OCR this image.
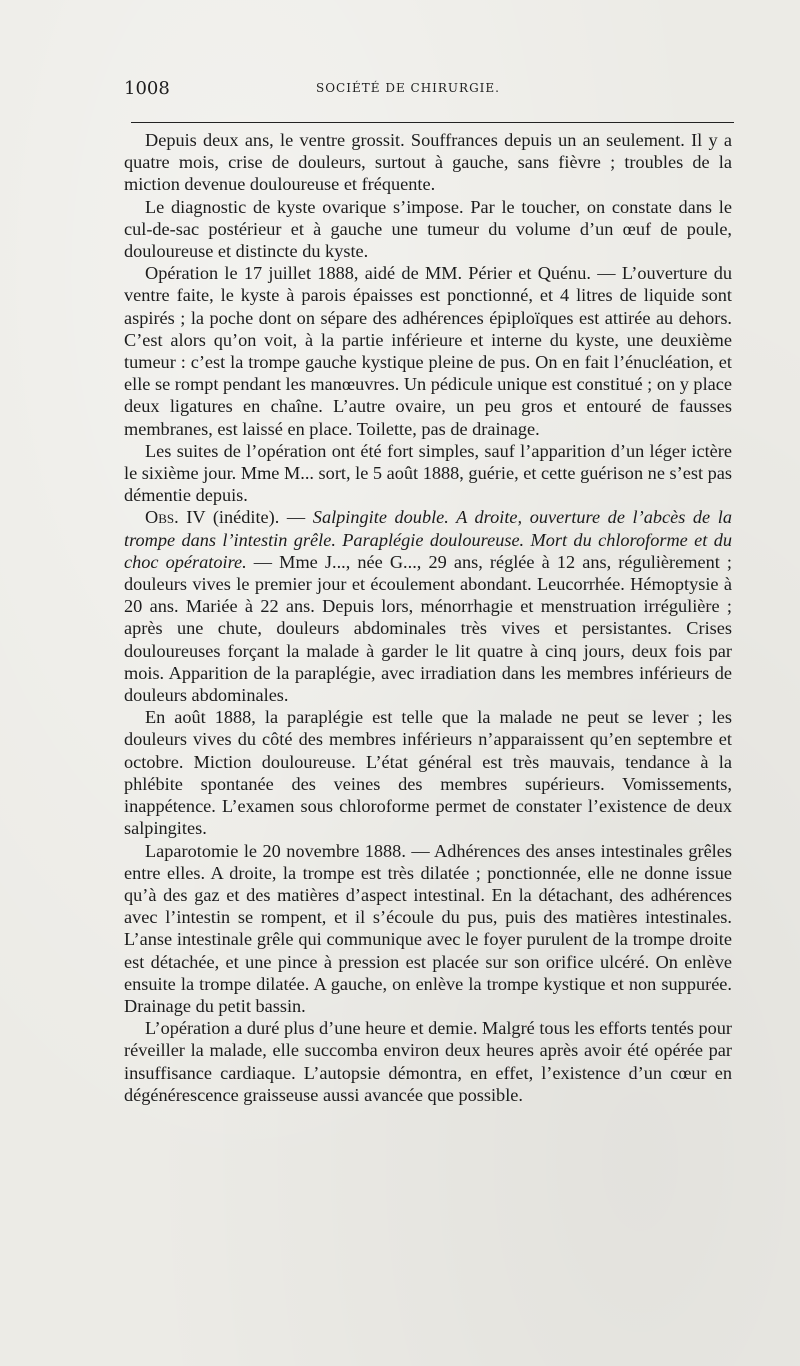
1008	SOCIÉTÉ DE CHIRURGIE.

Depuis deux ans, le ventre grossit. Souffrances depuis un an seulement. Il y a quatre mois, crise de douleurs, surtout à gauche, sans fièvre ; troubles de la miction devenue douloureuse et fréquente.

Le diagnostic de kyste ovarique s’impose. Par le toucher, on constate dans le cul-de-sac postérieur et à gauche une tumeur du volume d’un œuf de poule, douloureuse et distincte du kyste.

Opération le 17 juillet 1888, aidé de MM. Périer et Quénu. — L’ouverture du ventre faite, le kyste à parois épaisses est ponctionné, et 4 litres de liquide sont aspirés ; la poche dont on sépare des adhérences épiploïques est attirée au dehors. C’est alors qu’on voit, à la partie inférieure et interne du kyste, une deuxième tumeur : c’est la trompe gauche kystique pleine de pus. On en fait l’énucléation, et elle se rompt pendant les manœuvres. Un pédicule unique est constitué ; on y place deux ligatures en chaîne. L’autre ovaire, un peu gros et entouré de fausses membranes, est laissé en place. Toilette, pas de drainage.

Les suites de l’opération ont été fort simples, sauf l’apparition d’un léger ictère le sixième jour. Mme M... sort, le 5 août 1888, guérie, et cette guérison ne s’est pas démentie depuis.

Obs. IV (inédite). — Salpingite double. A droite, ouverture de l’abcès de la trompe dans l’intestin grêle. Paraplégie douloureuse. Mort du chloroforme et du choc opératoire. — Mme J..., née G..., 29 ans, réglée à 12 ans, régulièrement ; douleurs vives le premier jour et écoulement abondant. Leucorrhée. Hémoptysie à 20 ans. Mariée à 22 ans. Depuis lors, ménorrhagie et menstruation irrégulière ; après une chute, douleurs abdominales très vives et persistantes. Crises douloureuses forçant la malade à garder le lit quatre à cinq jours, deux fois par mois. Apparition de la paraplégie, avec irradiation dans les membres inférieurs de douleurs abdominales.

En août 1888, la paraplégie est telle que la malade ne peut se lever ; les douleurs vives du côté des membres inférieurs n’apparaissent qu’en septembre et octobre. Miction douloureuse. L’état général est très mauvais, tendance à la phlébite spontanée des veines des membres supérieurs. Vomissements, inappétence. L’examen sous chloroforme permet de constater l’existence de deux salpingites.

Laparotomie le 20 novembre 1888. — Adhérences des anses intestinales grêles entre elles. A droite, la trompe est très dilatée ; ponctionnée, elle ne donne issue qu’à des gaz et des matières d’aspect intestinal. En la détachant, des adhérences avec l’intestin se rompent, et il s’écoule du pus, puis des matières intestinales. L’anse intestinale grêle qui communique avec le foyer purulent de la trompe droite est détachée, et une pince à pression est placée sur son orifice ulcéré. On enlève ensuite la trompe dilatée. A gauche, on enlève la trompe kystique et non suppurée. Drainage du petit bassin.

L’opération a duré plus d’une heure et demie. Malgré tous les efforts tentés pour réveiller la malade, elle succomba environ deux heures après avoir été opérée par insuffisance cardiaque. L’autopsie démontra, en effet, l’existence d’un cœur en dégénérescence graisseuse aussi avancée que possible.
